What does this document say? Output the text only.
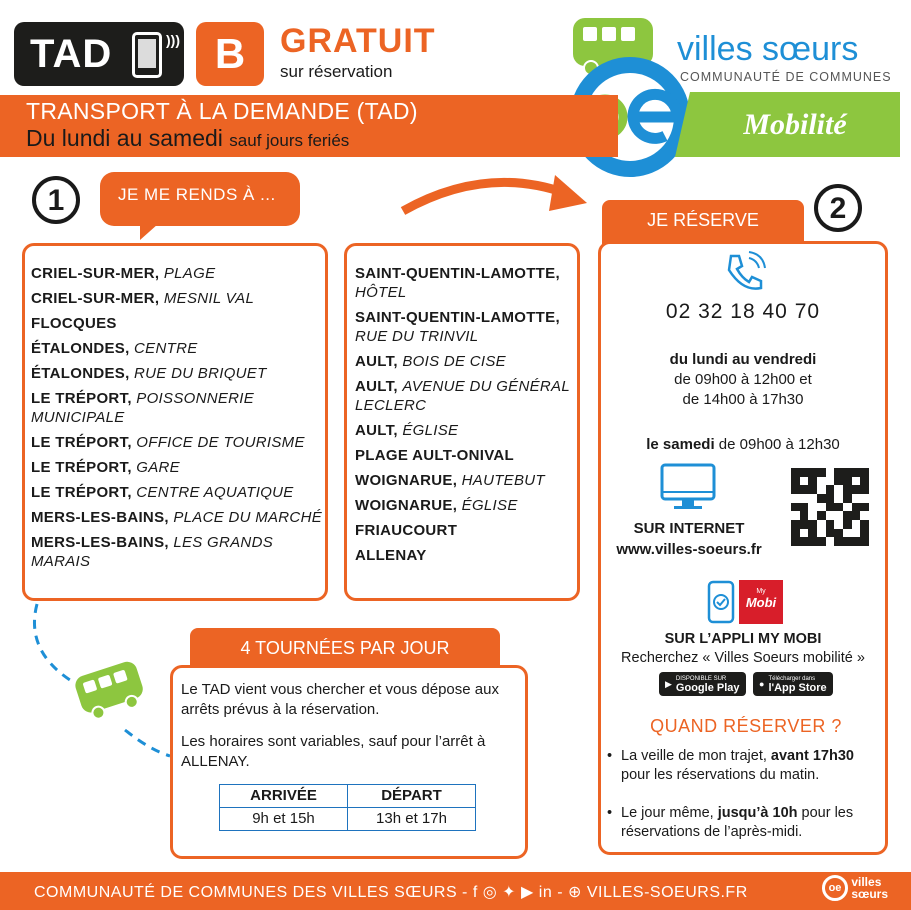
TAD	))) B	GRATUIT
sur réservation
Mobilité
villes sœurs
COMMUNAUTÉ DE COMMUNES
TRANSPORT À LA DEMANDE (TAD)
Du lundi au samedi sauf jours feriés
1	JE ME RENDS À ...
CRIEL-SUR-MER, PLAGE
CRIEL-SUR-MER, MESNIL VAL
FLOCQUES
ÉTALONDES, CENTRE
ÉTALONDES, RUE DU BRIQUET
LE TRÉPORT, POISSONNERIE MUNICIPALE
LE TRÉPORT, OFFICE DE TOURISME
LE TRÉPORT, GARE
LE TRÉPORT, CENTRE AQUATIQUE
MERS-LES-BAINS, PLACE DU MARCHÉ
MERS-LES-BAINS, LES GRANDS MARAIS
SAINT-QUENTIN-LAMOTTE, HÔTEL
SAINT-QUENTIN-LAMOTTE, RUE DU TRINVIL
AULT, BOIS DE CISE
AULT, AVENUE DU GÉNÉRAL LECLERC
AULT, ÉGLISE
PLAGE AULT-ONIVAL
WOIGNARUE, HAUTEBUT
WOIGNARUE, ÉGLISE
FRIAUCOURT
ALLENAY
4 TOURNÉES PAR JOUR

Le TAD vient vous chercher et vous dépose aux arrêts prévus à la réservation.

Les horaires sont variables, sauf pour l’arrêt à ALLENAY.

ARRIVÉE	DÉPART
9h et 15h	13h et 17h
2
JE RÉSERVE
02 32 18 40 70
du lundi au vendredi
de 09h00 à 12h00 et
de 14h00 à 17h30
le samedi de 09h00 à 12h30
SUR INTERNET
www.villes-soeurs.fr
My
Mobi
SUR L’APPLI MY MOBI
Recherchez « Villes Soeurs mobilité »
▶ DISPONIBLE SUR
Google Play ● Télécharger dans
l'App Store
QUAND RÉSERVER ?
• La veille de mon trajet, avant 17h30 pour les réservations du matin.
• Le jour même, jusqu’à 10h pour les réservations de l’après-midi.
COMMUNAUTÉ DE COMMUNES DES VILLES SŒURS - f ◎ ✦ ▶ in - ⊕ VILLES-SOEURS.FR	oe villes sœurs
